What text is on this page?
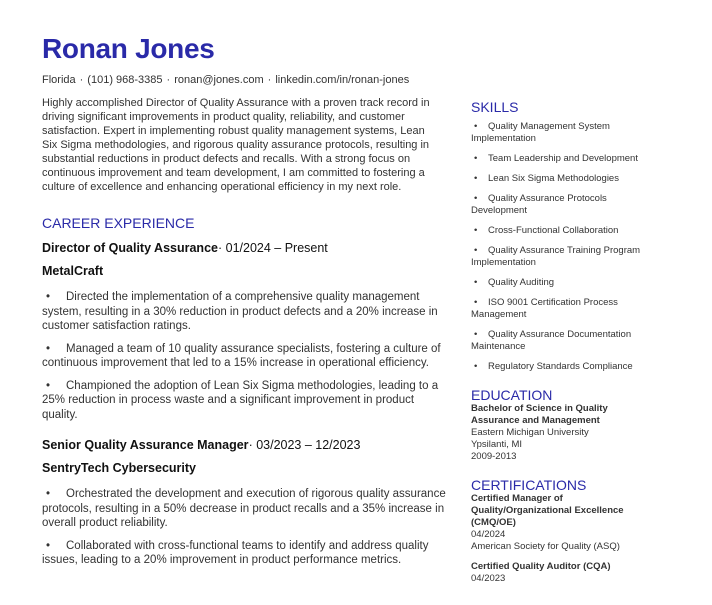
Ronan Jones
Florida · (101) 968-3385 · ronan@jones.com · linkedin.com/in/ronan-jones
Highly accomplished Director of Quality Assurance with a proven track record in driving significant improvements in product quality, reliability, and customer satisfaction. Expert in implementing robust quality management systems, Lean Six Sigma methodologies, and rigorous quality assurance protocols, resulting in substantial reductions in product defects and recalls. With a strong focus on continuous improvement and team development, I am committed to fostering a culture of excellence and enhancing operational efficiency in my next role.
CAREER EXPERIENCE
Director of Quality Assurance· 01/2024 – Present
MetalCraft
• Directed the implementation of a comprehensive quality management system, resulting in a 30% reduction in product defects and a 20% increase in customer satisfaction ratings.
• Managed a team of 10 quality assurance specialists, fostering a culture of continuous improvement that led to a 15% increase in operational efficiency.
• Championed the adoption of Lean Six Sigma methodologies, leading to a 25% reduction in process waste and a significant improvement in product quality.
Senior Quality Assurance Manager· 03/2023 – 12/2023
SentryTech Cybersecurity
• Orchestrated the development and execution of rigorous quality assurance protocols, resulting in a 50% decrease in product recalls and a 35% increase in overall product reliability.
• Collaborated with cross-functional teams to identify and address quality issues, leading to a 20% improvement in product performance metrics.
SKILLS
• Quality Management System Implementation
• Team Leadership and Development
• Lean Six Sigma Methodologies
• Quality Assurance Protocols Development
• Cross-Functional Collaboration
• Quality Assurance Training Program Implementation
• Quality Auditing
• ISO 9001 Certification Process Management
• Quality Assurance Documentation Maintenance
• Regulatory Standards Compliance
EDUCATION
Bachelor of Science in Quality Assurance and Management
Eastern Michigan University
Ypsilanti, MI
2009-2013
CERTIFICATIONS
Certified Manager of Quality/Organizational Excellence (CMQ/OE)
04/2024
American Society for Quality (ASQ)
Certified Quality Auditor (CQA)
04/2023
